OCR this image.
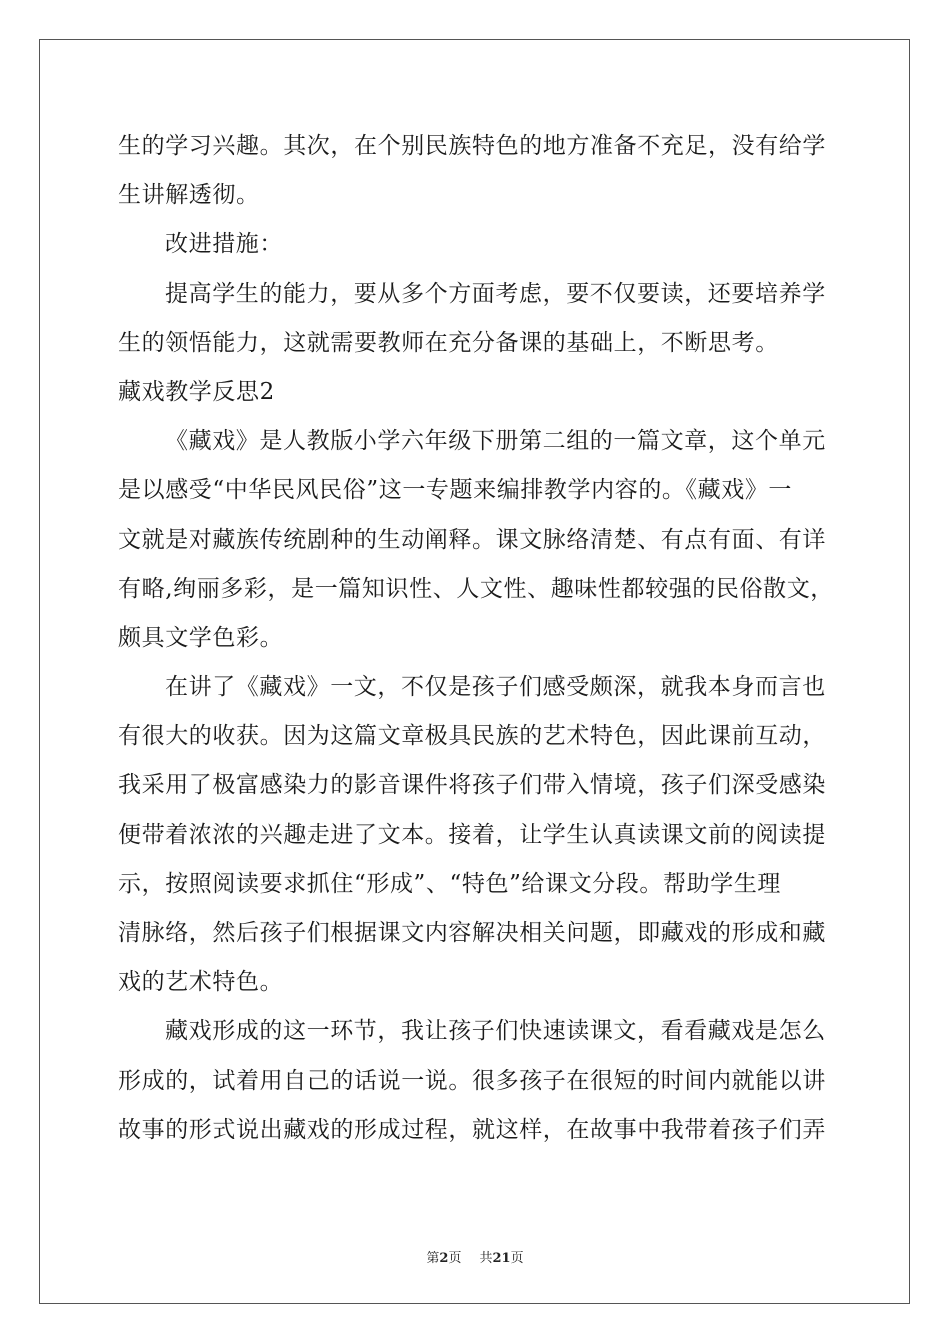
生的学习兴趣。其次，在个别民族特色的地方准备不充足，没有给学
生讲解透彻。
改进措施：
提高学生的能力，要从多个方面考虑，要不仅要读，还要培养学
生的领悟能力，这就需要教师在充分备课的基础上，不断思考。
藏戏教学反思2
《藏戏》是人教版小学六年级下册第二组的一篇文章，这个单元
是以感受“中华民风民俗”这一专题来编排教学内容的。《藏戏》一
文就是对藏族传统剧种的生动阐释。课文脉络清楚、有点有面、有详
有略,绚丽多彩，是一篇知识性、人文性、趣味性都较强的民俗散文，
颇具文学色彩。
在讲了《藏戏》一文，不仅是孩子们感受颇深，就我本身而言也
有很大的收获。因为这篇文章极具民族的艺术特色，因此课前互动，
我采用了极富感染力的影音课件将孩子们带入情境，孩子们深受感染
便带着浓浓的兴趣走进了文本。接着，让学生认真读课文前的阅读提
示，按照阅读要求抓住“形成”、“特色”给课文分段。帮助学生理
清脉络，然后孩子们根据课文内容解决相关问题，即藏戏的形成和藏
戏的艺术特色。
藏戏形成的这一环节，我让孩子们快速读课文，看看藏戏是怎么
形成的，试着用自己的话说一说。很多孩子在很短的时间内就能以讲
故事的形式说出藏戏的形成过程，就这样，在故事中我带着孩子们弄
第2页 共21页
